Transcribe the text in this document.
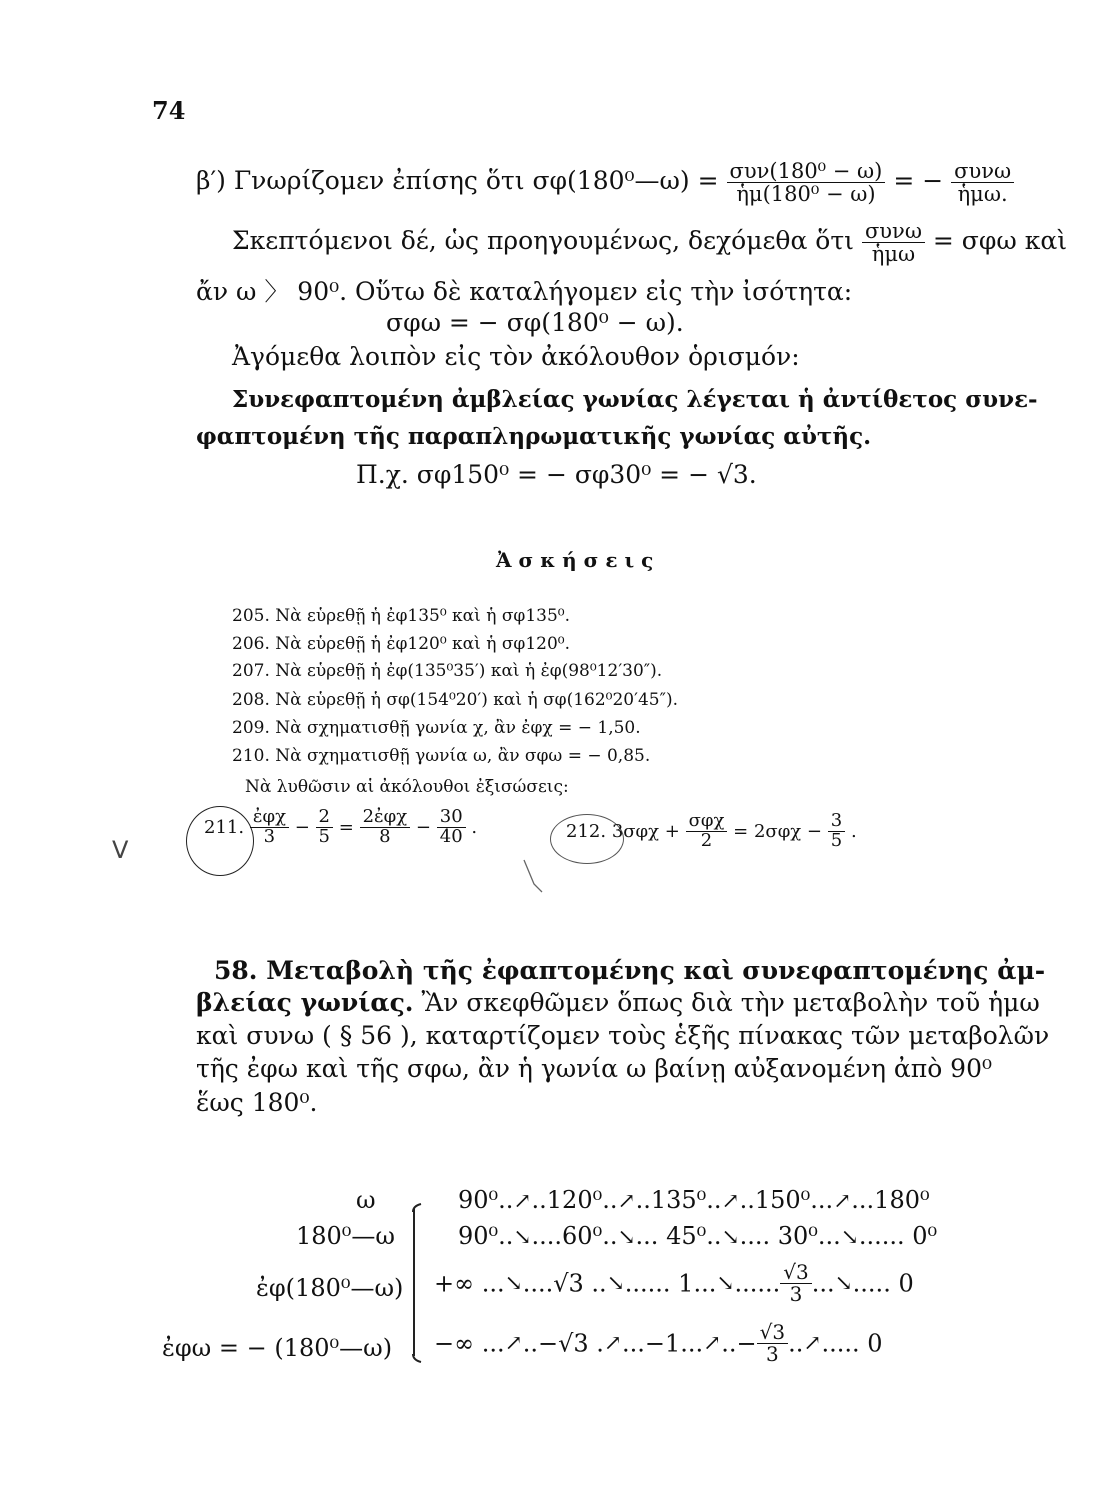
74
β′) Γνωρίζομεν ἐπίσης ὅτι σφ(180⁰—ω) = $\frac{\text{συν(180⁰ − ω)}}{\text{ἡμ(180⁰ − ω)}}$ = − $\frac{\text{συνω}}{\text{ἡμω.}}$
Σκεπτόμενοι δέ, ὡς προηγουμένως, δεχόμεθα ὅτι $\frac{\text{συνω}}{\text{ἡμω}} = \sigma\varphi\omega$ καὶ
ἄν ω 〉 90⁰. Οὕτω δὲ καταλήγομεν εἰς τὴν ἰσότητα:
σφω = − σφ(180⁰ − ω).
Ἀγόμεθα λοιπὸν εἰς τὸν ἀκόλουθον ὁρισμόν:
Συνεφαπτομένη ἀμβλείας γωνίας λέγεται ἡ ἀντίθετος συνε-
φαπτομένη τῆς παραπληρωματικῆς γωνίας αὐτῆς.
Π.χ. σφ150⁰ = − σφ30⁰ = − √3.
Ἀ σ κ ή σ ε ι ς
205. Νὰ εὑρεθῇ ἡ ἐφ135⁰ καὶ ἡ σφ135⁰.
206. Νὰ εὑρεθῇ ἡ ἐφ120⁰ καὶ ἡ σφ120⁰.
207. Νὰ εὑρεθῇ ἡ ἐφ(135⁰35′) καὶ ἡ ἐφ(98⁰12′30″).
208. Νὰ εὑρεθῇ ἡ σφ(154⁰20′) καὶ ἡ σφ(162⁰20′45″).
209. Νὰ σχηματισθῇ γωνία χ, ἂν ἐφχ = − 1,50.
210. Νὰ σχηματισθῇ γωνία ω, ἂν σφω = − 0,85.
Νὰ λυθῶσιν αἱ ἀκόλουθοι ἐξισώσεις:
211. $\frac{\text{ἐφχ}}{3} - \frac{2}{5} = \frac{\text{2ἐφχ}}{8} - \frac{30}{40}$ .	212. $3\sigma\varphi\chi + \frac{\text{σφχ}}{2} = 2\sigma\varphi\chi - \frac{3}{5}$ .
V
58. Μεταβολὴ τῆς ἐφαπτομένης καὶ συνεφαπτομένης ἀμ-
βλείας γωνίας. Ἂν σκεφθῶμεν ὅπως διὰ τὴν μεταβολὴν τοῦ ἡμω
καὶ συνω ( § 56 ), καταρτίζομεν τοὺς ἑξῆς πίνακας τῶν μεταβολῶν
τῆς ἐφω καὶ τῆς σφω, ἂν ἡ γωνία ω βαίνῃ αὐξανομένη ἀπὸ 90⁰
ἕως 180⁰.
ω	90⁰..↗..120⁰..↗..135⁰..↗..150⁰...↗...180⁰
180⁰—ω	90⁰..↘....60⁰..↘... 45⁰..↘.... 30⁰...↘...... 0⁰
ἐφ(180⁰—ω) +∞ ...↘....√3 ..↘...... 1...↘...... $\frac{√3}{3}$ ...↘..... 0
ἐφω = − (180⁰—ω) −∞ ...↗..−√3 .↗...−1...↗..− $\frac{√3}{3}$ ..↗..... 0
